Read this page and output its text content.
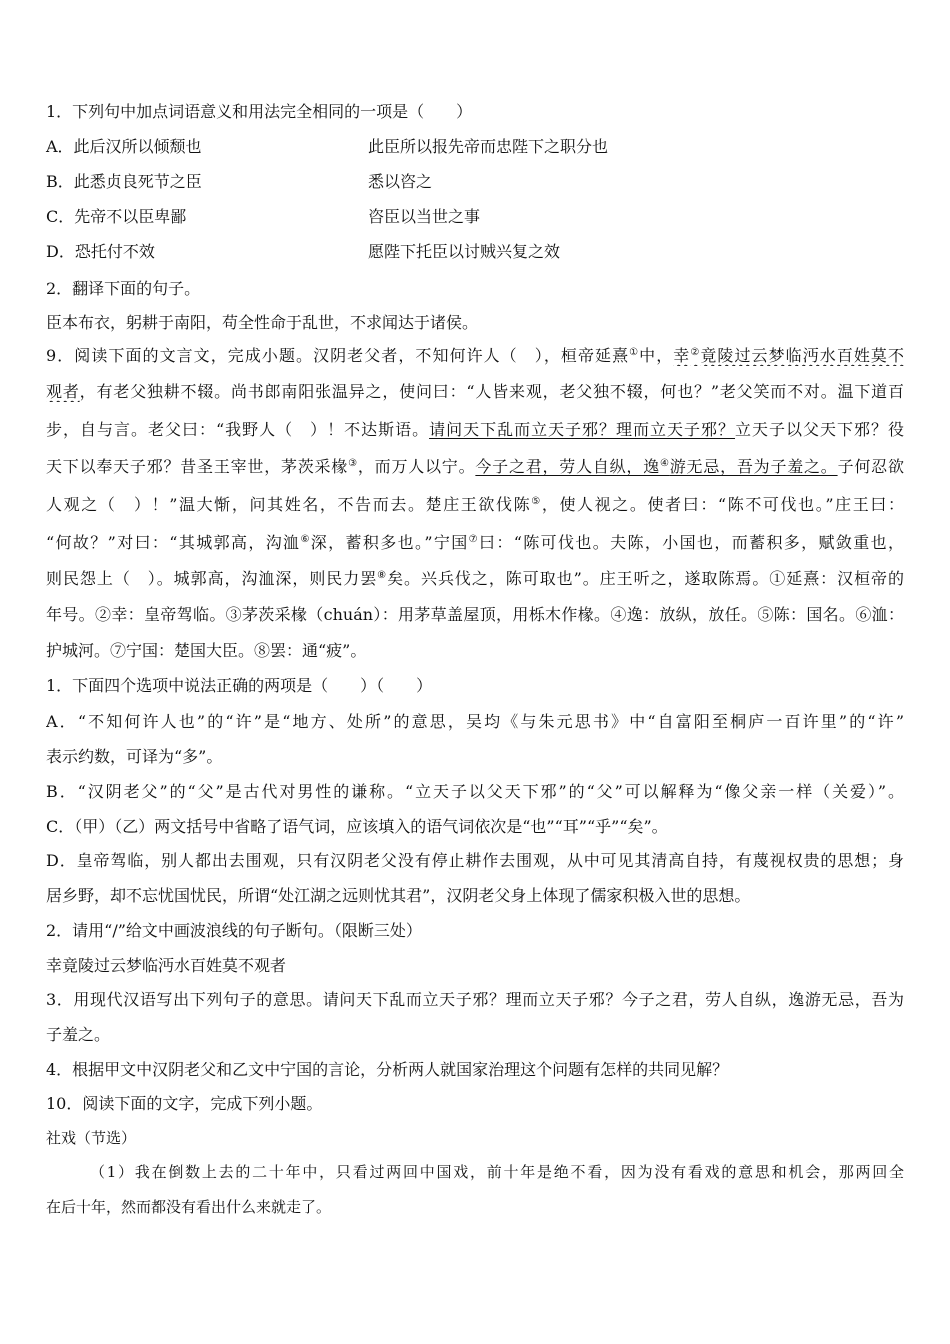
1．下列句中加点词语意义和用法完全相同的一项是（　　）
A．此后汉所以倾颓也	此臣所以报先帝而忠陛下之职分也
B．此悉贞良死节之臣	悉以咨之
C．先帝不以臣卑鄙	咨臣以当世之事
D．恐托付不效	愿陛下托臣以讨贼兴复之效
2．翻译下面的句子。
臣本布衣，躬耕于南阳，苟全性命于乱世，不求闻达于诸侯。
9．阅读下面的文言文，完成小题。汉阴老父者，不知何许人（　），桓帝延熹①中，幸②竟陵过云梦临沔水百姓莫不
观者，有老父独耕不辍。尚书郎南阳张温异之，使问曰：“人皆来观，老父独不辍，何也？”老父笑而不对。温下道百
步，自与言。老父曰：“我野人（　）！不达斯语。请问天下乱而立天子邪？理而立天子邪？立天子以父天下邪？役
天下以奉天子邪？昔圣王宰世，茅茨采椽③，而万人以宁。今子之君，劳人自纵，逸④游无忌，吾为子羞之。子何忍欲
人观之（　）！”温大惭，问其姓名，不告而去。楚庄王欲伐陈⑤，使人视之。使者曰：“陈不可伐也。”庄王曰：
“何故？”对曰：“其城郭高，沟洫⑥深，蓄积多也。”宁国⑦曰：“陈可伐也。夫陈，小国也，而蓄积多，赋敛重也，
则民怨上（　）。城郭高，沟洫深，则民力罢⑧矣。兴兵伐之，陈可取也”。庄王听之，遂取陈焉。①延熹：汉桓帝的
年号。②幸：皇帝驾临。③茅茨采椽（chuán）：用茅草盖屋顶，用栎木作椽。④逸：放纵，放任。⑤陈：国名。⑥洫：
护城河。⑦宁国：楚国大臣。⑧罢：通“疲”。
1．下面四个选项中说法正确的两项是（　　）（　　）
A．“不知何许人也”的“许”是“地方、处所”的意思，吴均《与朱元思书》中“自富阳至桐庐一百许里”的“许”
表示约数，可译为“多”。
B．“汉阴老父”的“父”是古代对男性的谦称。“立天子以父天下邪”的“父”可以解释为“像父亲一样（关爱）”。
C．（甲）（乙）两文括号中省略了语气词，应该填入的语气词依次是“也”“耳”“乎”“矣”。
D．皇帝驾临，别人都出去围观，只有汉阴老父没有停止耕作去围观，从中可见其清高自持，有蔑视权贵的思想；身
居乡野，却不忘忧国忧民，所谓“处江湖之远则忧其君”，汉阴老父身上体现了儒家积极入世的思想。
2．请用“/”给文中画波浪线的句子断句。（限断三处）
幸竟陵过云梦临沔水百姓莫不观者
3．用现代汉语写出下列句子的意思。请问天下乱而立天子邪？理而立天子邪？今子之君，劳人自纵，逸游无忌，吾为
子羞之。
4．根据甲文中汉阴老父和乙文中宁国的言论，分析两人就国家治理这个问题有怎样的共同见解？
10．阅读下面的文字，完成下列小题。
社戏（节选）
（1）我在倒数上去的二十年中，只看过两回中国戏，前十年是绝不看，因为没有看戏的意思和机会，那两回全
在后十年，然而都没有看出什么来就走了。
